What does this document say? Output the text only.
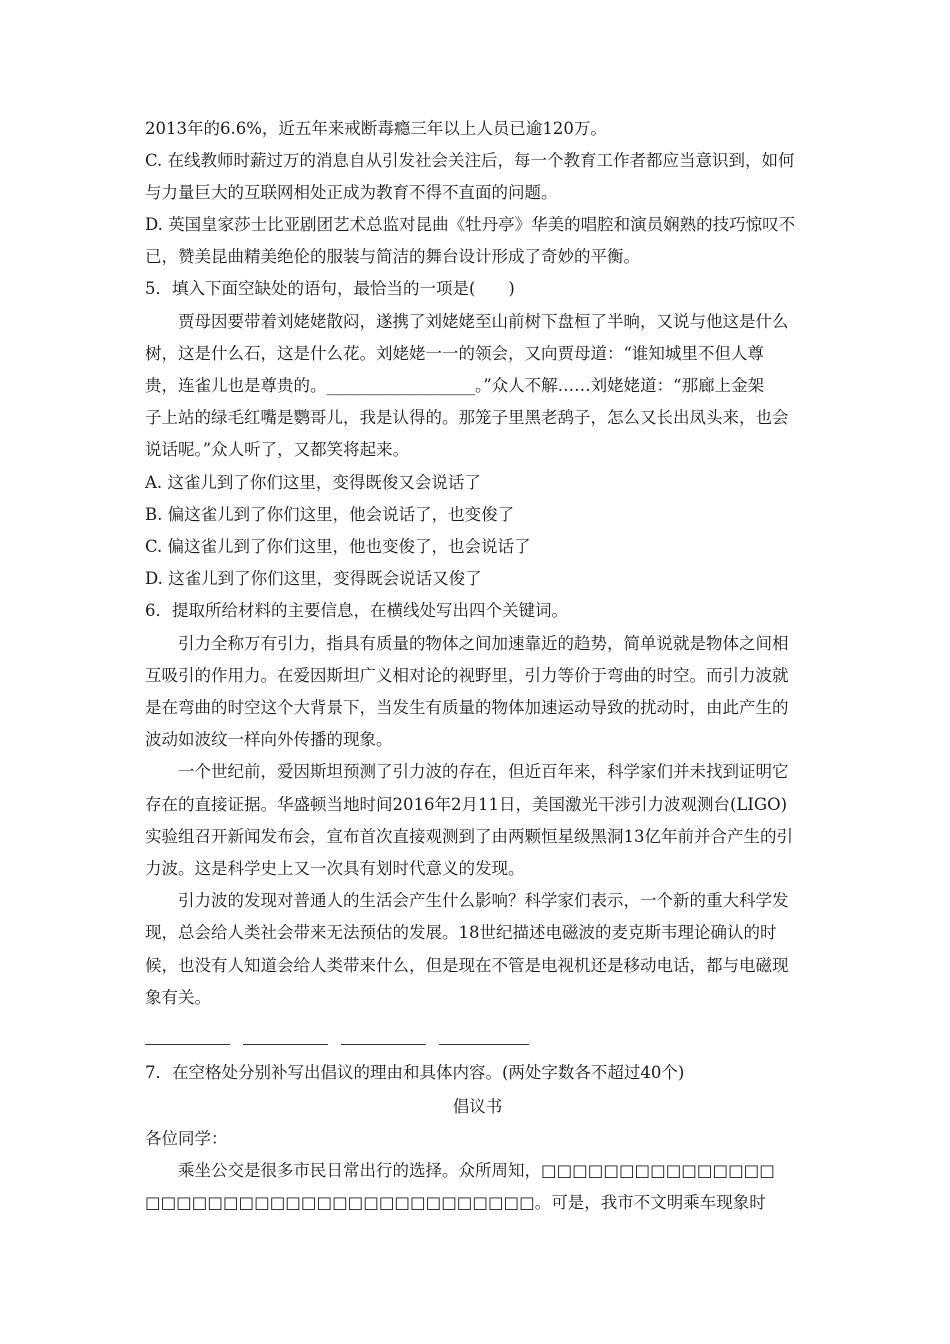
2013年的6.6%，近五年来戒断毒瘾三年以上人员已逾120万。
C. 在线教师时薪过万的消息自从引发社会关注后，每一个教育工作者都应当意识到，如何
与力量巨大的互联网相处正成为教育不得不直面的问题。
D. 英国皇家莎士比亚剧团艺术总监对昆曲《牡丹亭》华美的唱腔和演员娴熟的技巧惊叹不
已，赞美昆曲精美绝伦的服装与简洁的舞台设计形成了奇妙的平衡。
5．填入下面空缺处的语句，最恰当的一项是(　　)
贾母因要带着刘姥姥散闷，遂携了刘姥姥至山前树下盘桓了半晌，又说与他这是什么
树，这是什么石，这是什么花。刘姥姥一一的领会，又向贾母道：“谁知城里不但人尊
贵，连雀儿也是尊贵的。__________________。”众人不解……刘姥姥道：“那廊上金架
子上站的绿毛红嘴是鹦哥儿，我是认得的。那笼子里黑老鸹子，怎么又长出凤头来，也会
说话呢。”众人听了，又都笑将起来。
A. 这雀儿到了你们这里，变得既俊又会说话了
B. 偏这雀儿到了你们这里，他会说话了，也变俊了
C. 偏这雀儿到了你们这里，他也变俊了，也会说话了
D. 这雀儿到了你们这里，变得既会说话又俊了
6．提取所给材料的主要信息，在横线处写出四个关键词。
引力全称万有引力，指具有质量的物体之间加速靠近的趋势，简单说就是物体之间相
互吸引的作用力。在爱因斯坦广义相对论的视野里，引力等价于弯曲的时空。而引力波就
是在弯曲的时空这个大背景下，当发生有质量的物体加速运动导致的扰动时，由此产生的
波动如波纹一样向外传播的现象。
一个世纪前，爱因斯坦预测了引力波的存在，但近百年来，科学家们并未找到证明它
存在的直接证据。华盛顿当地时间2016年2月11日，美国激光干涉引力波观测台(LIGO)
实验组召开新闻发布会，宣布首次直接观测到了由两颗恒星级黑洞13亿年前并合产生的引
力波。这是科学史上又一次具有划时代意义的发现。
引力波的发现对普通人的生活会产生什么影响？科学家们表示，一个新的重大科学发
现，总会给人类社会带来无法预估的发展。18世纪描述电磁波的麦克斯韦理论确认的时
候，也没有人知道会给人类带来什么，但是现在不管是电视机还是移动电话，都与电磁现
象有关。
7．在空格处分别补写出倡议的理由和具体内容。(两处字数各不超过40个)
倡议书
各位同学：
乘坐公交是很多市民日常出行的选择。众所周知，□□□□□□□□□□□□□□□
□□□□□□□□□□□□□□□□□□□□□□□□□。可是，我市不文明乘车现象时
